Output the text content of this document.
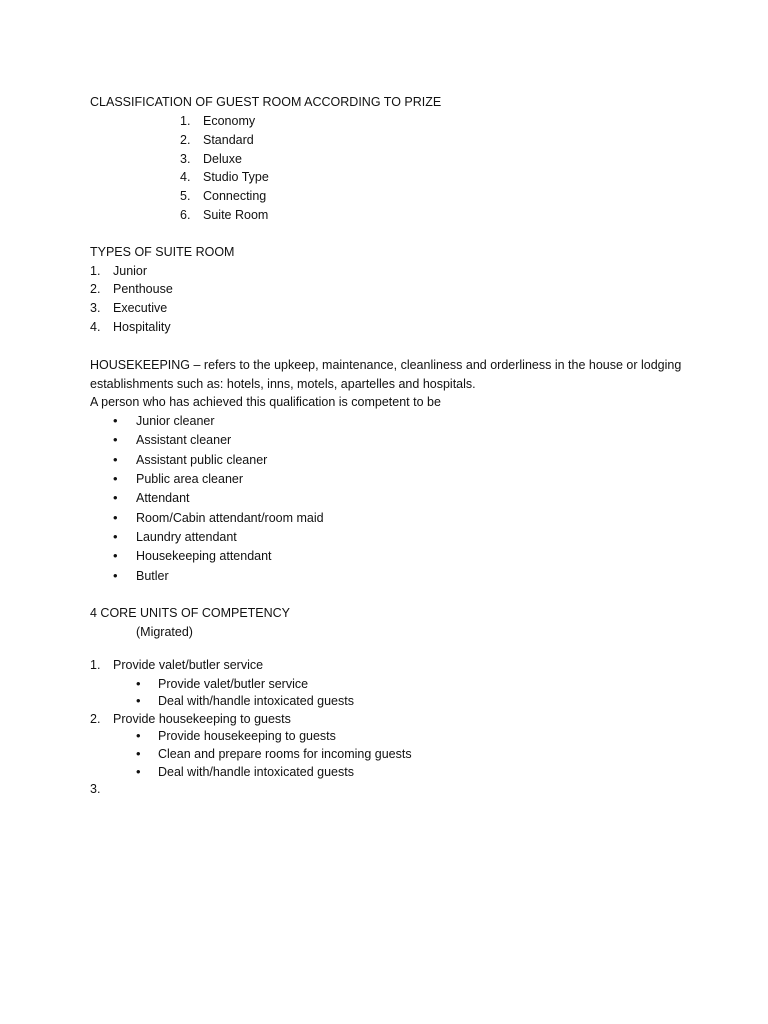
CLASSIFICATION OF GUEST ROOM ACCORDING TO PRIZE
1. Economy
2. Standard
3. Deluxe
4. Studio Type
5. Connecting
6. Suite Room
TYPES OF SUITE ROOM
1. Junior
2. Penthouse
3. Executive
4. Hospitality
HOUSEKEEPING – refers to the upkeep, maintenance, cleanliness and orderliness in the house or lodging establishments such as: hotels, inns, motels, apartelles and hospitals.
A person who has achieved this qualification is competent to be
• Junior cleaner
• Assistant cleaner
• Assistant public cleaner
• Public area cleaner
• Attendant
• Room/Cabin attendant/room maid
• Laundry attendant
• Housekeeping attendant
• Butler
4 CORE UNITS OF COMPETENCY
(Migrated)
1. Provide valet/butler service
• Provide valet/butler service
• Deal with/handle intoxicated guests
2. Provide housekeeping to guests
• Provide housekeeping to guests
• Clean and prepare rooms for incoming guests
• Deal with/handle intoxicated guests
3.
